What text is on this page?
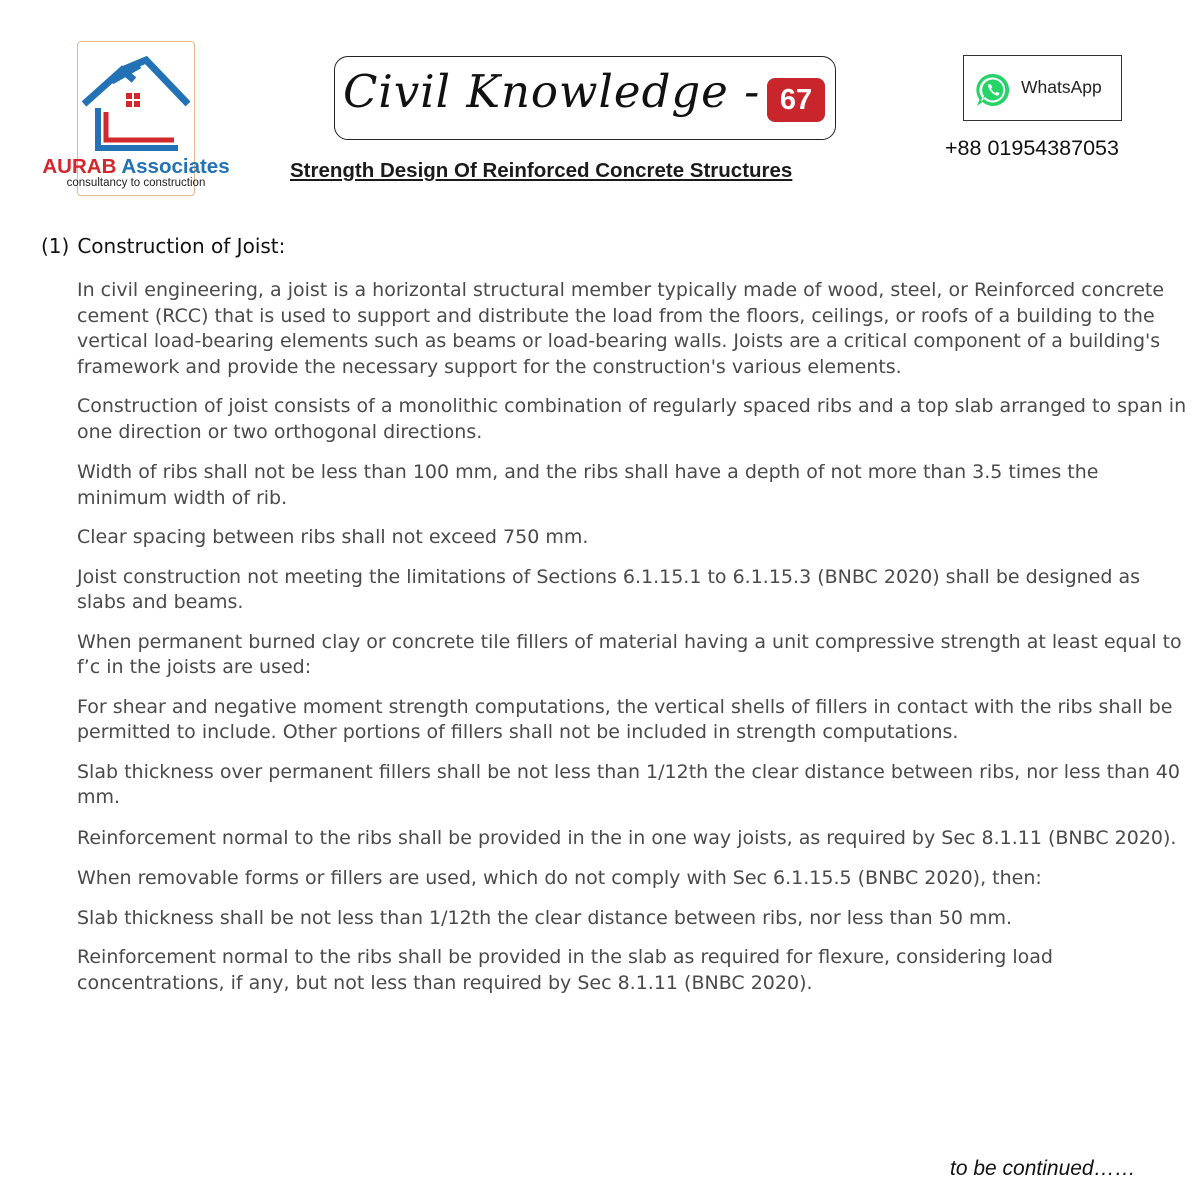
AURAB Associates
consultancy to construction
Civil Knowledge - 67
Strength Design Of Reinforced Concrete Structures
WhatsApp
+88 01954387053
(1) Construction of Joist:

In civil engineering, a joist is a horizontal structural member typically made of wood, steel, or Reinforced concrete cement (RCC) that is used to support and distribute the load from the floors, ceilings, or roofs of a building to the vertical load-bearing elements such as beams or load-bearing walls. Joists are a critical component of a building's framework and provide the necessary support for the construction's various elements.

Construction of joist consists of a monolithic combination of regularly spaced ribs and a top slab arranged to span in one direction or two orthogonal directions.

Width of ribs shall not be less than 100 mm, and the ribs shall have a depth of not more than 3.5 times the minimum width of rib.

Clear spacing between ribs shall not exceed 750 mm.

Joist construction not meeting the limitations of Sections 6.1.15.1 to 6.1.15.3 (BNBC 2020) shall be designed as slabs and beams.

When permanent burned clay or concrete tile fillers of material having a unit compressive strength at least equal to f’c in the joists are used:

For shear and negative moment strength computations, the vertical shells of fillers in contact with the ribs shall be permitted to include. Other portions of fillers shall not be included in strength computations.

Slab thickness over permanent fillers shall be not less than 1/12th the clear distance between ribs, nor less than 40 mm.

Reinforcement normal to the ribs shall be provided in the in one way joists, as required by Sec 8.1.11 (BNBC 2020).

When removable forms or fillers are used, which do not comply with Sec 6.1.15.5 (BNBC 2020), then:

Slab thickness shall be not less than 1/12th the clear distance between ribs, nor less than 50 mm.

Reinforcement normal to the ribs shall be provided in the slab as required for flexure, considering load concentrations, if any, but not less than required by Sec 8.1.11 (BNBC 2020).

to be continued……
